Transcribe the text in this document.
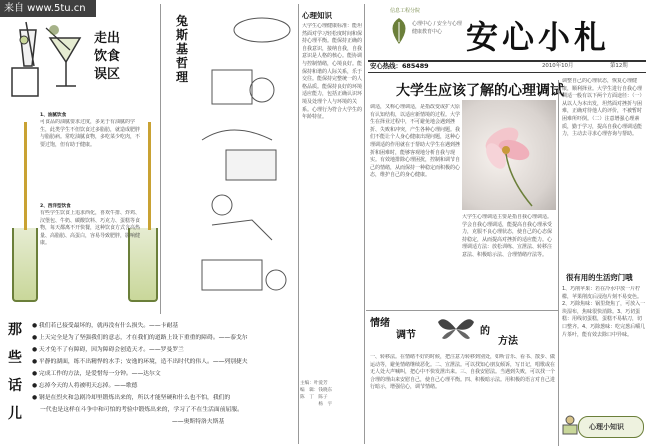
来自 www.5tu.cn
走出
饮食
误区
1、油腻饮食
可食品的油腻要求过度，多见于有油腻的学生，此类学生不但饮食过多脂肪，就造成肥胖与脂肪病。常吃油腻食物，多吃菜少吃肉，不要过饱，但有助于健康。
2、西洋型饮食
有些学生饮食上追求西化，喜欢牛排、炸鸡、汉堡包、牛奶、碳酸饮料、巧克力、蛋糕等食物，每天都离不开快餐，这种饮食方式含高热量、高脂肪、高蛋白，容易导致肥胖，影响健康。
那
些
话
儿
● 我们若已接受最坏的，就再没有什么损失。——卡耐基
● 上天完全是为了坚强我们的意志，才在我们的道路上设下重重的障碍。——泰戈尔
● 天才免不了有障碍，因为障碍会创造天才。——罗曼罗兰
● 平静的湖面，练不出精悍的水手；安逸的环境，造不出时代的伟人。——列别捷夫
● 完成工作的方法，是爱惜每一分钟。——达尔文
● 忘掉今天的人将被明天忘掉。——歌德
● 钢是在烈火和急剧冷却里锻炼出来的，所以才能坚硬和什么也不怕，我们的
一代也是这样在斗争中和可怕的考验中锻炼出来的，学习了不在生活面前屈服。
——奥斯特洛夫斯基
兔
斯
基
哲
理
心理知识
大学生心理健康标准：能坦然面对学习轻松度时间和保持心理平衡。能保持正确的自我意识，接纳自我，自我意识是人格的核心。能协调与控制情绪，心境良好。能保持和谐的人际关系，乐于交往。能保持完整统一的人格品质。能保持良好的环境适应能力，包括正确认识环境及处理个人与环境的关系。心理行为符合大学生的年龄特征。
主编：叶爱芳
编　辑：钱晓东
陈　丁　陈子
　　　　杨　宇
信息工程分院
心理中心 / 安全与心理健康教育中心 安心小札
安心热线：685489	2010年10月	第12期
大学生应该了解的心理调试
调适，又称心理调适，是指改变或扩大原有认知结构，以适应新情境的过程。大学生在择业过程中，不可避免地会遇到挫折、失败和冲突，产生各种心理问题。我们不能让个人身心健康出现问题，这种心理调适的作用就在于帮助大学生在遇到挫折和困难时，能够客观地分析自我与现实。有效地排除心理困扰，控制和调节自己的情绪，从而保持一种稳定而积极的心态，维护自己的身心健康。
大学生心理调适主要是指自我心理调适。学会自我心理调适，能提高自我心理承受力，克服不良心理状态，使自己的心态保持稳定，从而提高对挫折的适应能力。心理调适方法：放松训练、宣泄法、转移注意法、积极暗示法、合理情绪疗法等。
调整自己的心理状态，恢复心理健康，顺利择业。大学生进行自我心理调适一般有以下两个方面途径：（一）从以人为本出发，坦然面对挫折与困难，正确对待他人的评价，不被暂时困难所吓倒。（二）注意增强心理素质，勤于学习，提高自我心理调适能力，主动去寻求心理咨询与帮助。
情绪
调节	的
方法
一、转移法。在情绪不好的时候，把注意力转移到别处，如听音乐、看书、散步、做运动等，避免情绪继续恶化。二、宣泄法。可以找知心朋友倾诉，写日记，唱歌或在无人处大声喊叫，把心中不快发泄出来。三、自我安慰法。当遇到失败，可以找一个合理的理由来安慰自己，使自己心理平衡。四、积极暗示法。用积极的语言对自己进行暗示，增强信心，调节情绪。
很有用的生活窍门哦
1、巧削苹果：若在冷水中放一片柠檬，苹果削皮后浸泡片刻不易变色。2、巧除焦味：锅里烧焦了，可放入一块湿布，焦味很快消除。3、巧切蛋糕：用线切蛋糕，蛋糕不易粘刀，切口整齐。4、巧除葱味：吃完葱后嚼几片茶叶，能有效去除口中异味。
心理小知识
